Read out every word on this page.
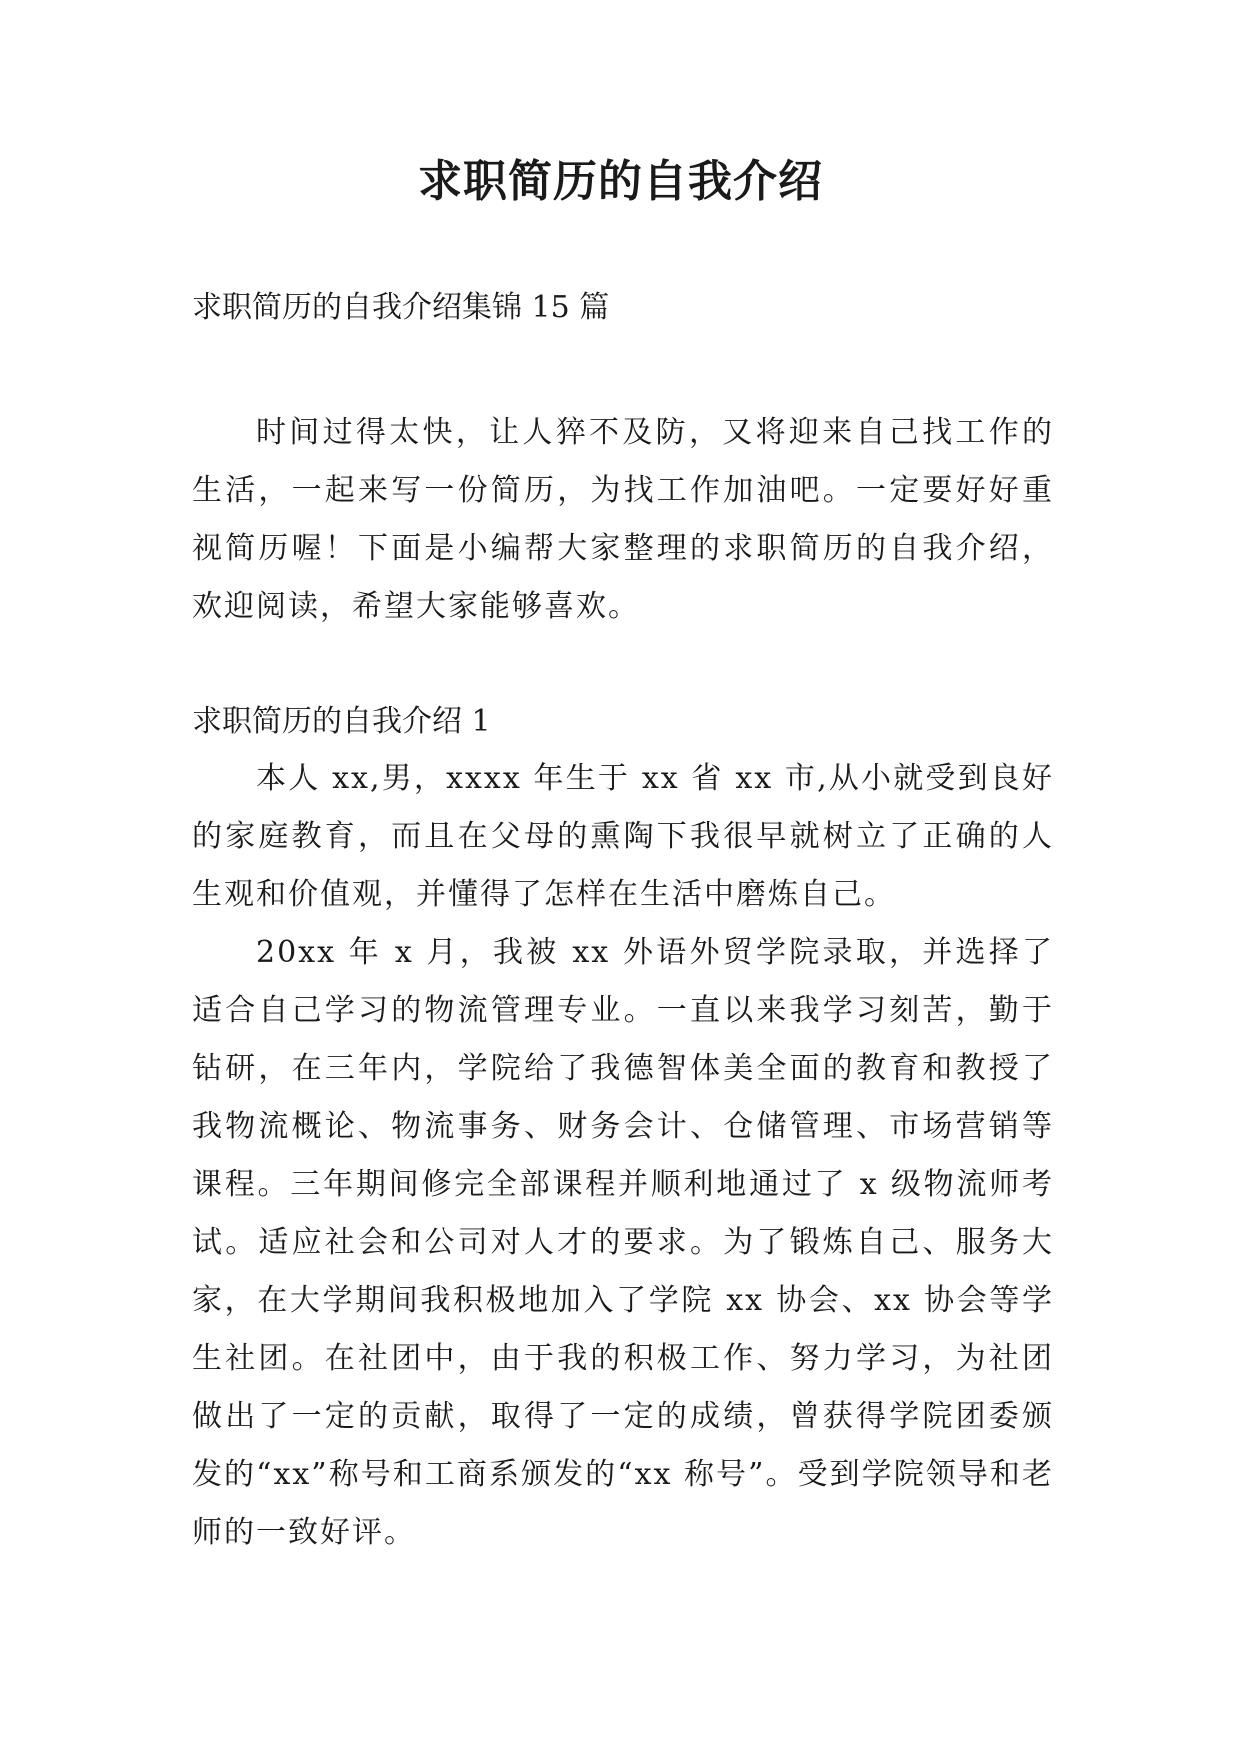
求职简历的自我介绍
求职简历的自我介绍集锦 15 篇

时间过得太快，让人猝不及防，又将迎来自己找工作的生活，一起来写一份简历，为找工作加油吧。一定要好好重视简历喔！下面是小编帮大家整理的求职简历的自我介绍，欢迎阅读，希望大家能够喜欢。

求职简历的自我介绍 1

本人 xx,男，xxxx 年生于 xx 省 xx 市,从小就受到良好的家庭教育，而且在父母的熏陶下我很早就树立了正确的人生观和价值观，并懂得了怎样在生活中磨炼自己。

20xx 年 x 月，我被 xx 外语外贸学院录取，并选择了适合自己学习的物流管理专业。一直以来我学习刻苦，勤于钻研，在三年内，学院给了我德智体美全面的教育和教授了我物流概论、物流事务、财务会计、仓储管理、市场营销等课程。三年期间修完全部课程并顺利地通过了 x 级物流师考试。适应社会和公司对人才的要求。为了锻炼自己、服务大家，在大学期间我积极地加入了学院 xx 协会、xx 协会等学生社团。在社团中，由于我的积极工作、努力学习，为社团做出了一定的贡献，取得了一定的成绩，曾获得学院团委颁发的“xx”称号和工商系颁发的“xx 称号”。受到学院领导和老师的一致好评。
